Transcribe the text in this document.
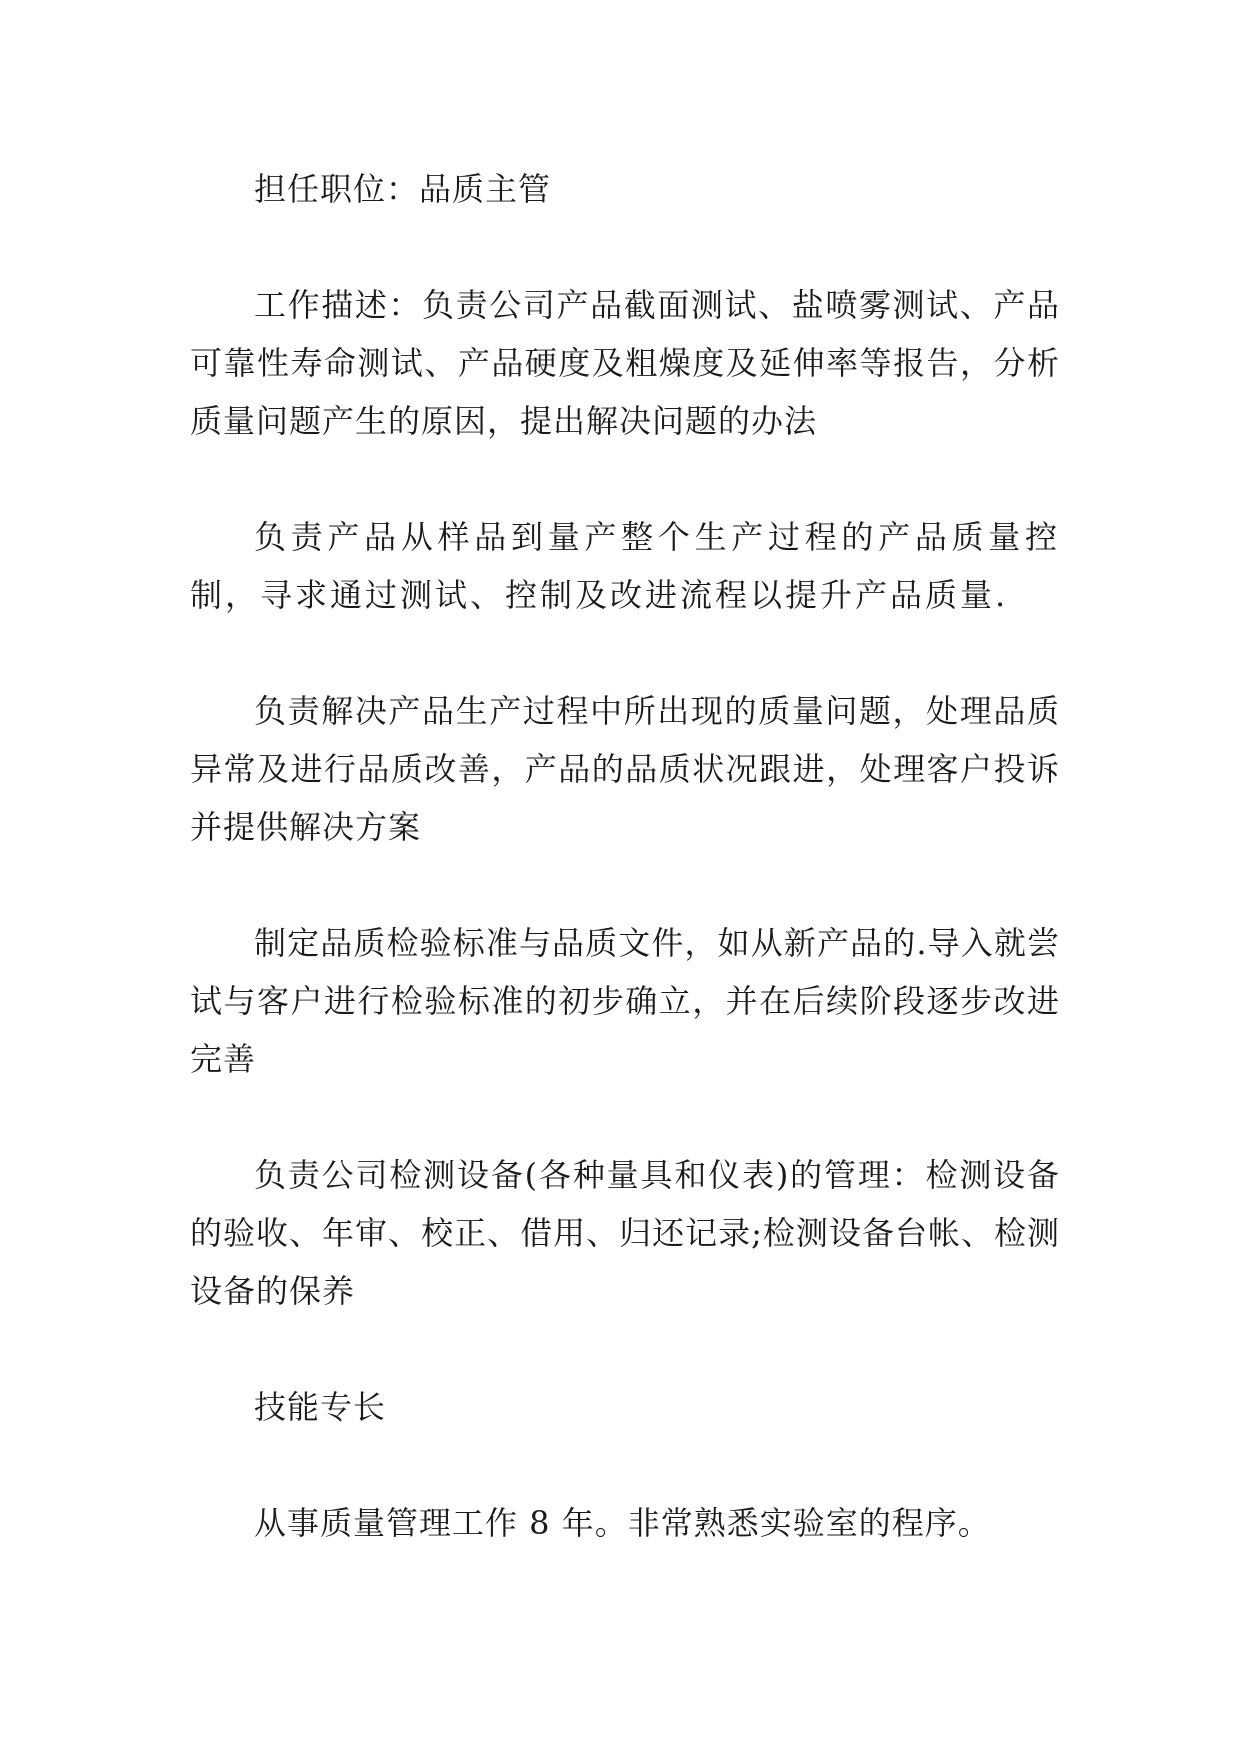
担任职位：品质主管

工作描述：负责公司产品截面测试、盐喷雾测试、产品可靠性寿命测试、产品硬度及粗燥度及延伸率等报告，分析质量问题产生的原因，提出解决问题的办法

负责产品从样品到量产整个生产过程的产品质量控制，寻求通过测试、控制及改进流程以提升产品质量.

负责解决产品生产过程中所出现的质量问题，处理品质异常及进行品质改善，产品的品质状况跟进，处理客户投诉并提供解决方案

制定品质检验标准与品质文件，如从新产品的.导入就尝试与客户进行检验标准的初步确立，并在后续阶段逐步改进完善

负责公司检测设备(各种量具和仪表)的管理：检测设备的验收、年审、校正、借用、归还记录;检测设备台帐、检测设备的保养

技能专长

从事质量管理工作 8 年。非常熟悉实验室的程序。
